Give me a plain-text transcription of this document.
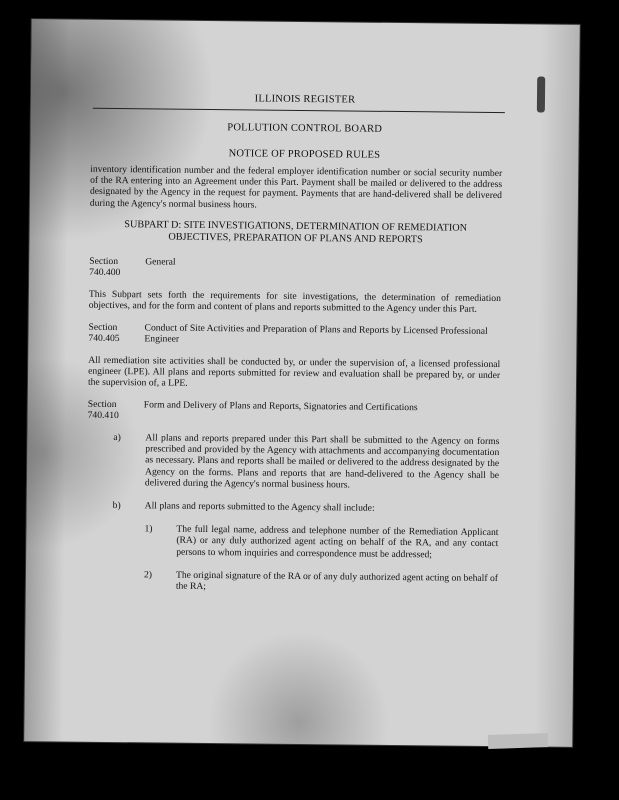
ILLINOIS REGISTER
POLLUTION CONTROL BOARD
NOTICE OF PROPOSED RULES

inventory identification number and the federal employer identification number or social security number of the RA entering into an Agreement under this Part. Payment shall be mailed or delivered to the address designated by the Agency in the request for payment. Payments that are hand-delivered shall be delivered during the Agency's normal business hours.

SUBPART D: SITE INVESTIGATIONS, DETERMINATION OF REMEDIATION
OBJECTIVES, PREPARATION OF PLANS AND REPORTS
Section 740.400
General

This Subpart sets forth the requirements for site investigations, the determination of remediation objectives, and for the form and content of plans and reports submitted to the Agency under this Part.

Section 740.405
Conduct of Site Activities and Preparation of Plans and Reports by Licensed Professional Engineer

All remediation site activities shall be conducted by, or under the supervision of, a licensed professional engineer (LPE). All plans and reports submitted for review and evaluation shall be prepared by, or under the supervision of, a LPE.

Section 740.410
Form and Delivery of Plans and Reports, Signatories and Certifications
a)	All plans and reports prepared under this Part shall be submitted to the Agency on forms prescribed and provided by the Agency with attachments and accompanying documentation as necessary. Plans and reports shall be mailed or delivered to the address designated by the Agency on the forms. Plans and reports that are hand-delivered to the Agency shall be delivered during the Agency's normal business hours.
b)	All plans and reports submitted to the Agency shall include:
1)	The full legal name, address and telephone number of the Remediation Applicant (RA) or any duly authorized agent acting on behalf of the RA, and any contact persons to whom inquiries and correspondence must be addressed;
2)	The original signature of the RA or of any duly authorized agent acting on behalf of the RA;
